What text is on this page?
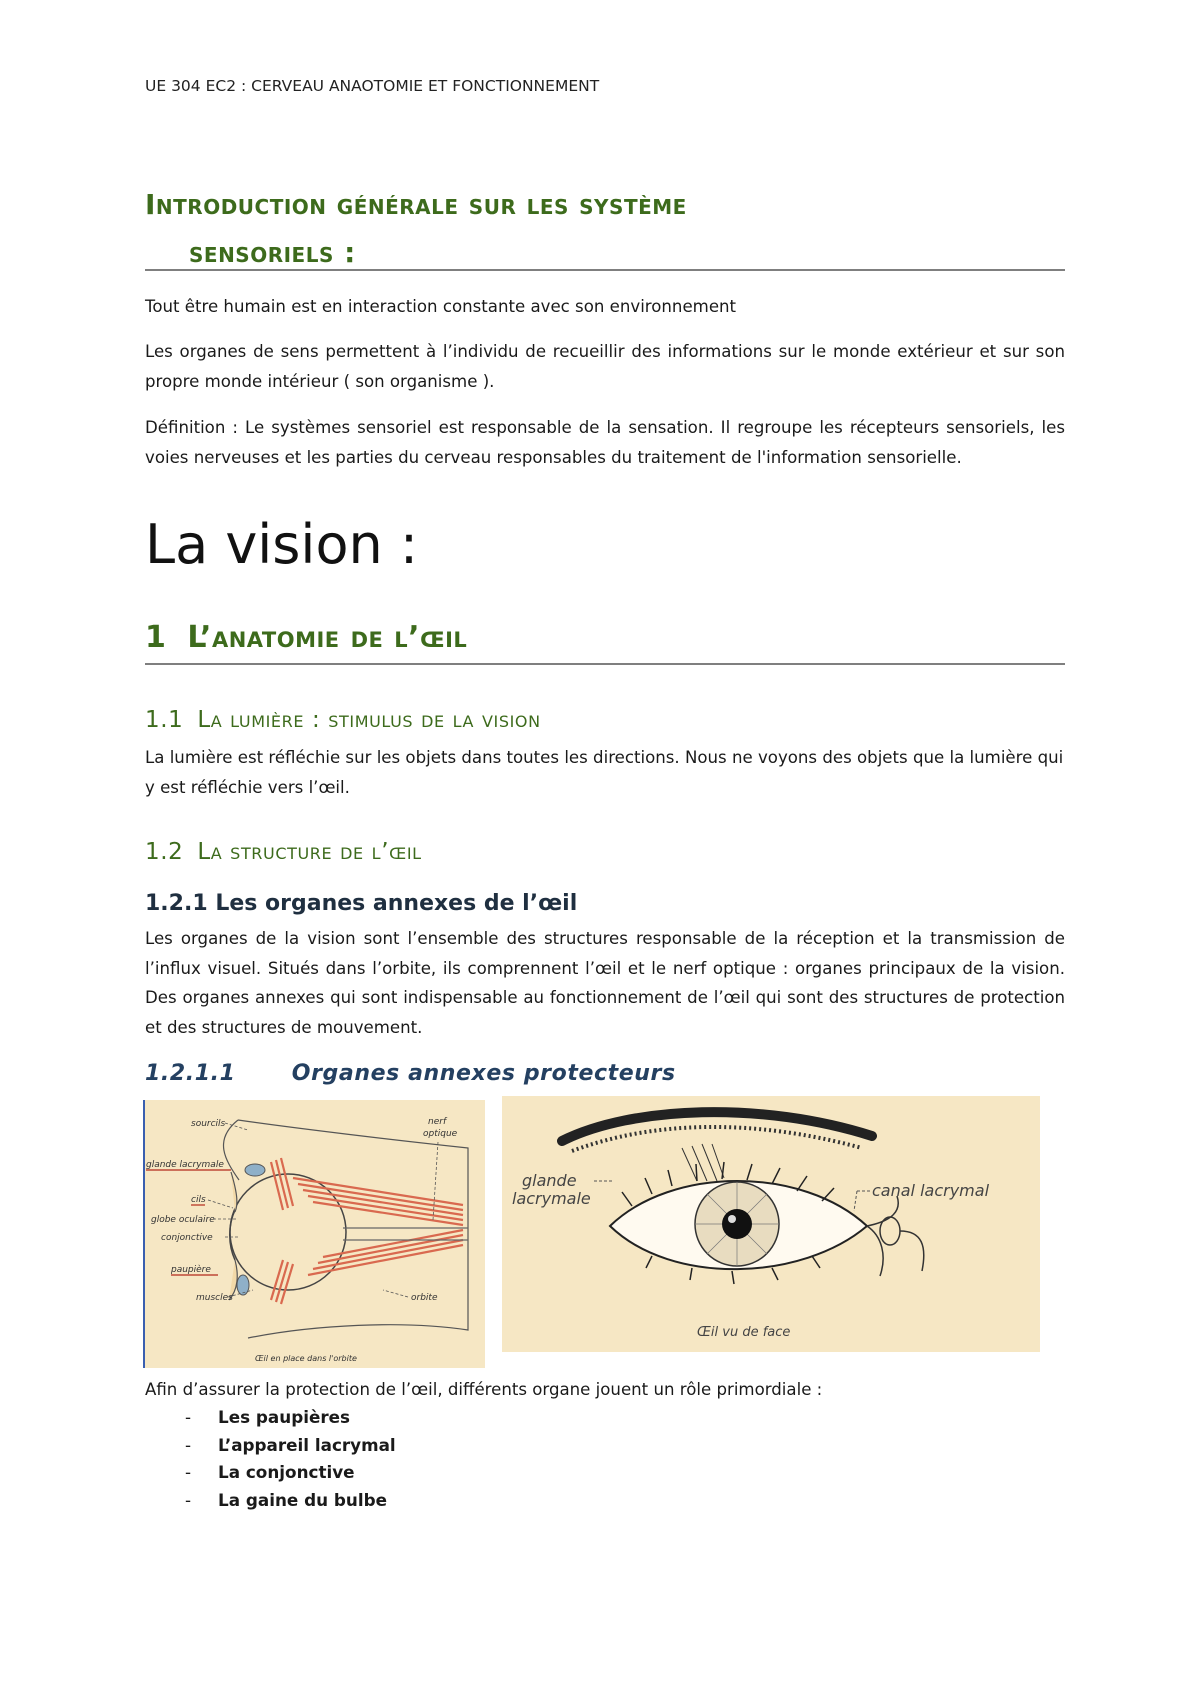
UE 304 EC2 : CERVEAU ANAOTOMIE ET FONCTIONNEMENT
Introduction générale sur les système
sensoriels :
Tout être humain est en interaction constante avec son environnement
Les organes de sens permettent à l’individu de recueillir des informations sur le monde extérieur et sur son propre monde intérieur ( son organisme ).
Définition : Le systèmes sensoriel est responsable de la sensation. Il regroupe les récepteurs sensoriels, les voies nerveuses et les parties du cerveau responsables du traitement de l'information sensorielle.
La vision :
1 L’anatomie de l’œil
1.1 La lumière : stimulus de la vision
La lumière est réfléchie sur les objets dans toutes les directions. Nous ne voyons des objets que la lumière qui y est réfléchie vers l’œil.
1.2 La structure de l’œil
1.2.1 Les organes annexes de l’œil
Les organes de la vision sont l’ensemble des structures responsable de la réception et la transmission de l’influx visuel. Situés dans l’orbite, ils comprennent l’œil et le nerf optique : organes principaux de la vision. Des organes annexes qui sont indispensable au fonctionnement de l’œil qui sont des structures de protection et des structures de mouvement.
1.2.1.1	Organes annexes protecteurs
sourcils	nerf
optique
glande lacrymale
cils
globe oculaire
conjonctive
paupière
muscles	orbite
Œil en place dans l'orbite
glande
lacrymale	canal lacrymal
Œil vu de face
Afin d’assurer la protection de l’œil, différents organe jouent un rôle primordiale :
- Les paupières
- L’appareil lacrymal
- La conjonctive
- La gaine du bulbe
